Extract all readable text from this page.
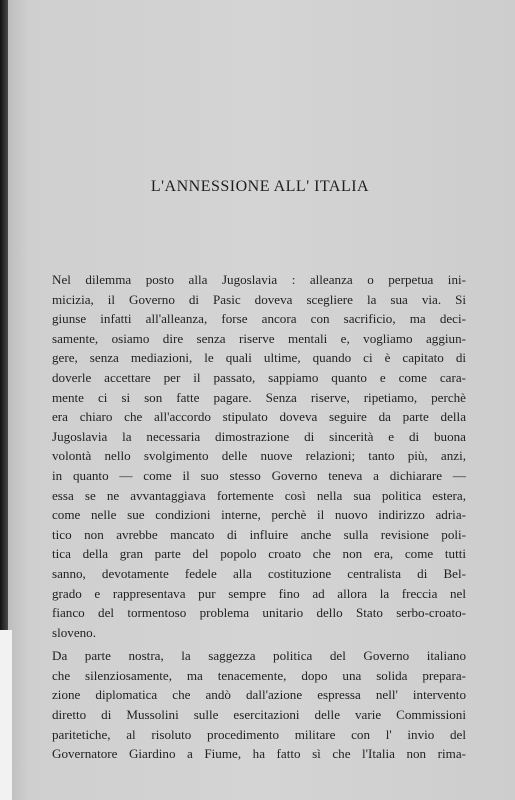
L'ANNESSIONE ALL' ITALIA
Nel dilemma posto alla Jugoslavia : alleanza o perpetua ini-
micizia, il Governo di Pasic doveva scegliere la sua via. Si
giunse infatti all'alleanza, forse ancora con sacrificio, ma deci-
samente, osiamo dire senza riserve mentali e, vogliamo aggiun-
gere, senza mediazioni, le quali ultime, quando ci è capitato di
doverle accettare per il passato, sappiamo quanto e come cara-
mente ci si son fatte pagare. Senza riserve, ripetiamo, perchè
era chiaro che all'accordo stipulato doveva seguire da parte della
Jugoslavia la necessaria dimostrazione di sincerità e di buona
volontà nello svolgimento delle nuove relazioni; tanto più, anzi,
in quanto — come il suo stesso Governo teneva a dichiarare —
essa se ne avvantaggiava fortemente così nella sua politica estera,
come nelle sue condizioni interne, perchè il nuovo indirizzo adria-
tico non avrebbe mancato di influire anche sulla revisione poli-
tica della gran parte del popolo croato che non era, come tutti
sanno, devotamente fedele alla costituzione centralista di Bel-
grado e rappresentava pur sempre fino ad allora la freccia nel
fianco del tormentoso problema unitario dello Stato serbo-croato-
sloveno.
Da parte nostra, la saggezza politica del Governo italiano
che silenziosamente, ma tenacemente, dopo una solida prepara-
zione diplomatica che andò dall'azione espressa nell' intervento
diretto di Mussolini sulle esercitazioni delle varie Commissioni
paritetiche, al risoluto procedimento militare con l' invio del
Governatore Giardino a Fiume, ha fatto sì che l'Italia non rima-
